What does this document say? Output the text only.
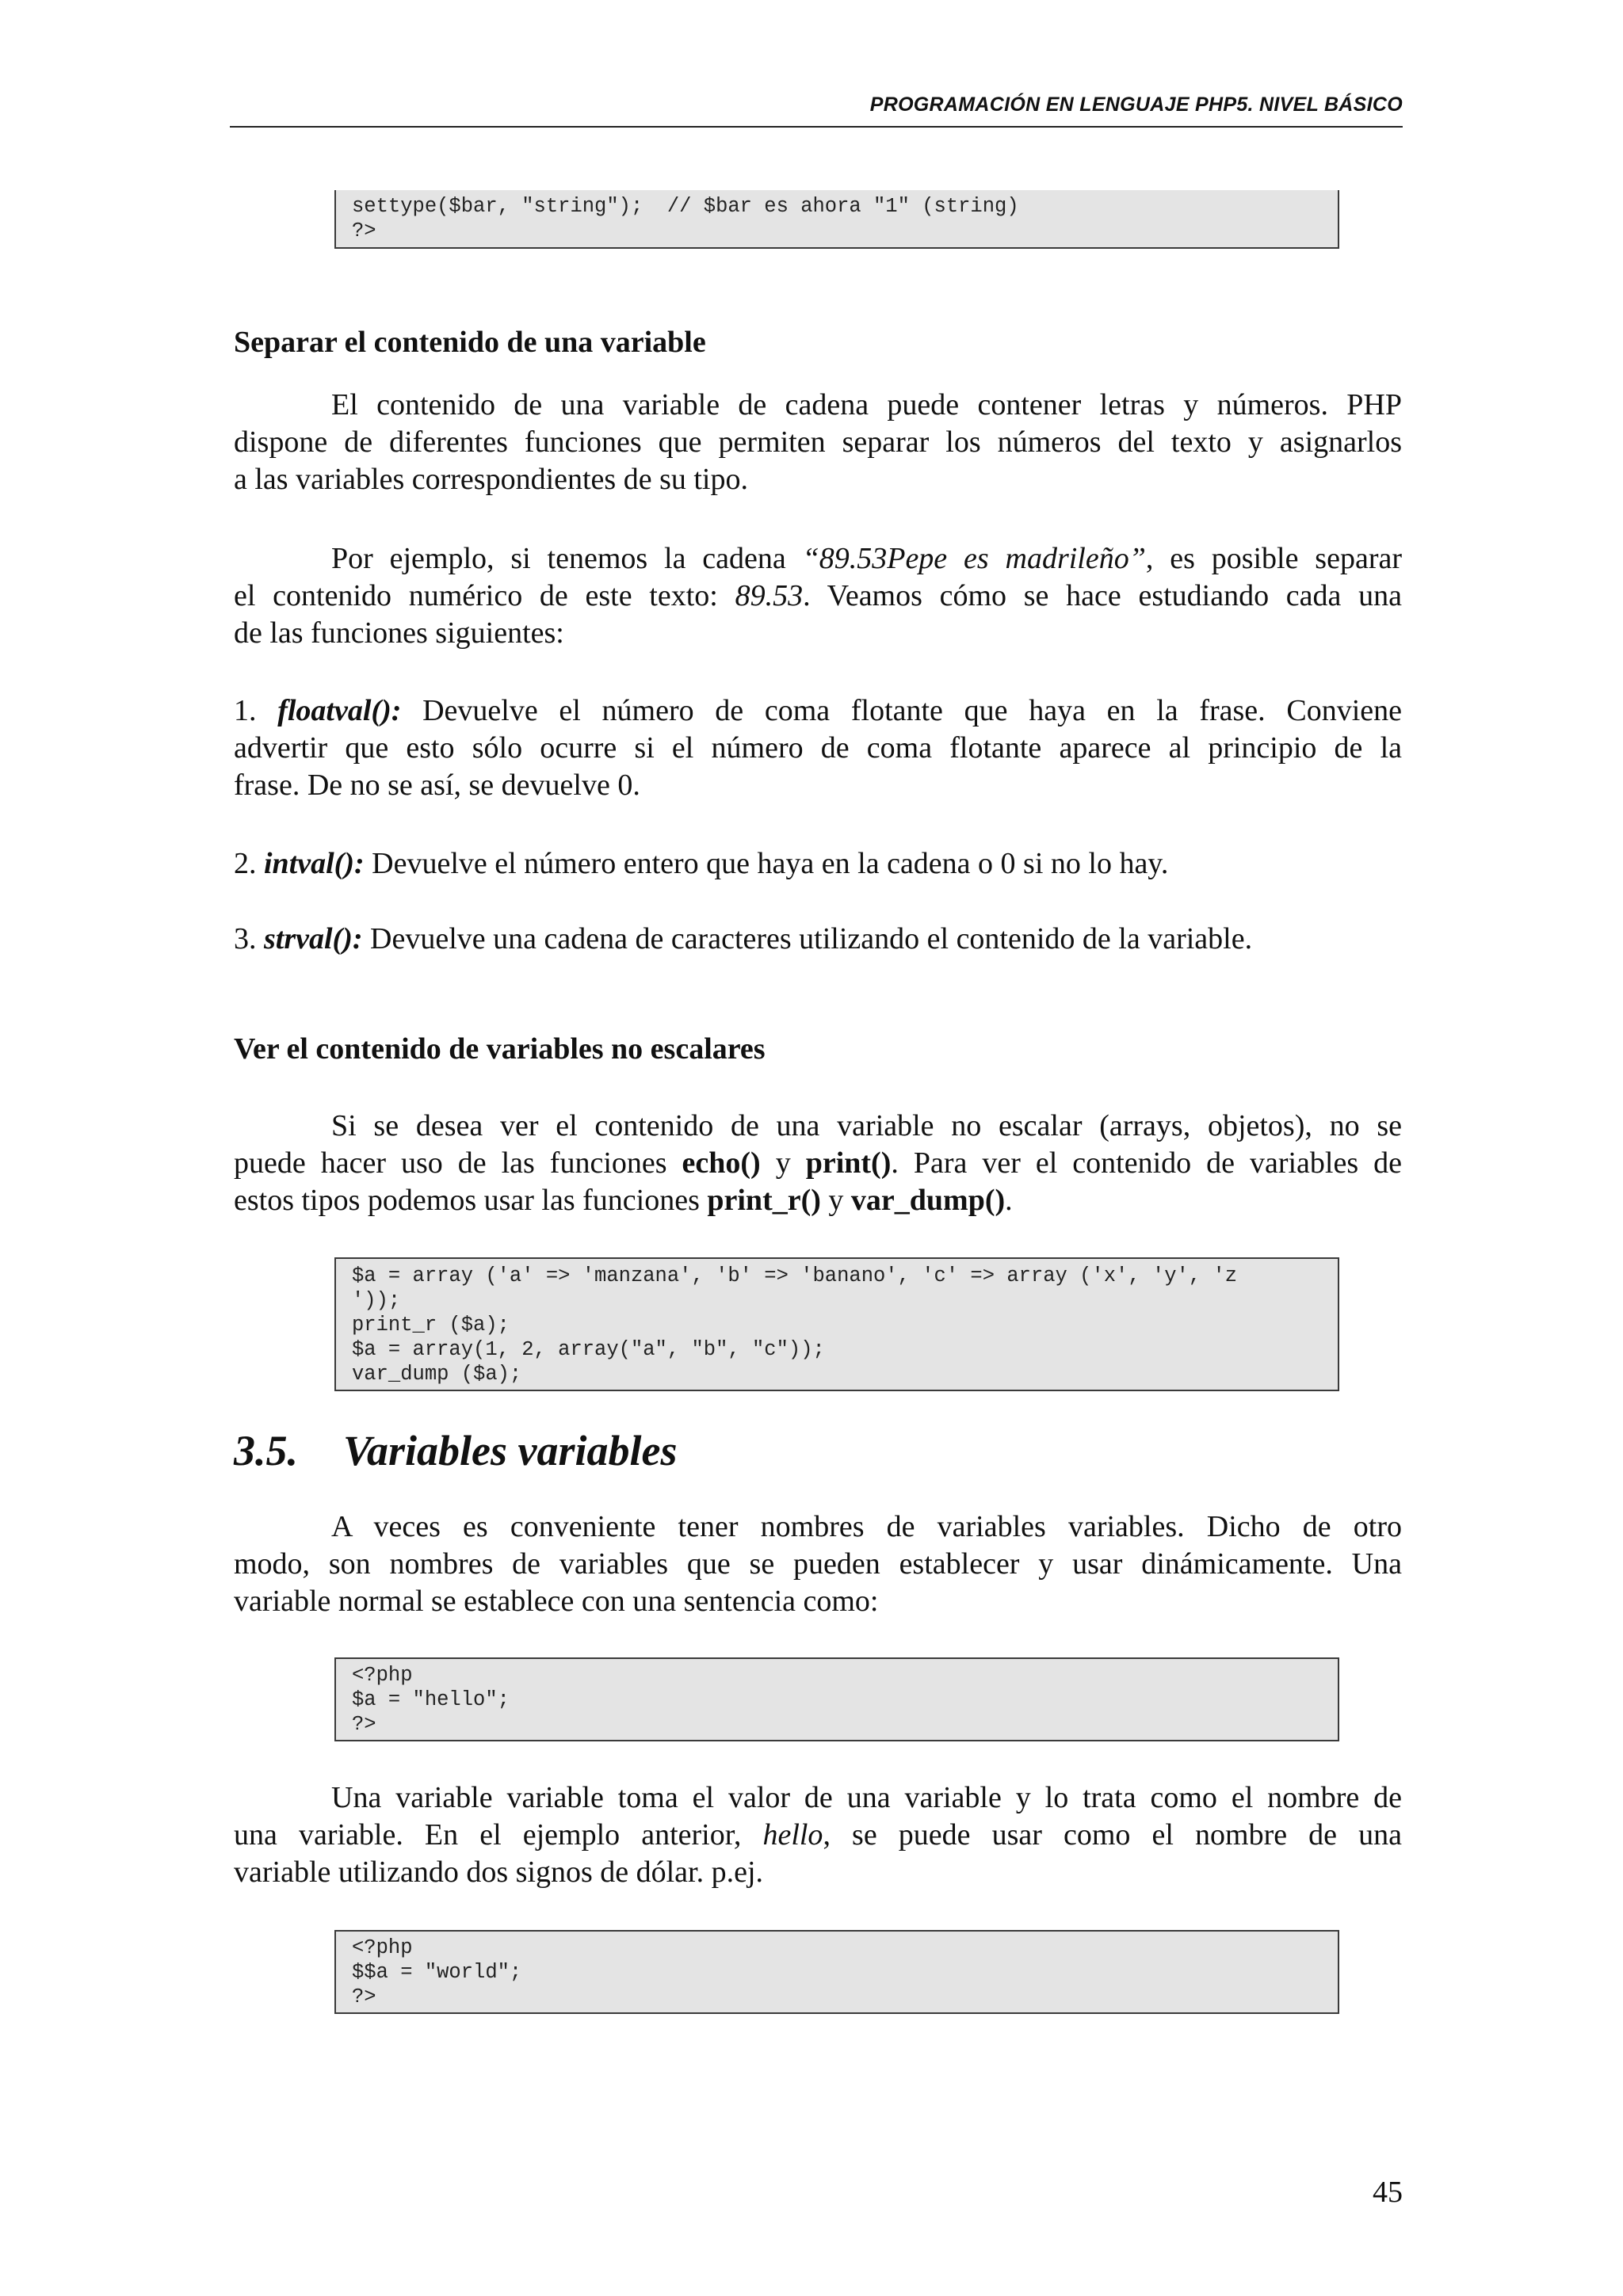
PROGRAMACIÓN EN LENGUAJE PHP5. NIVEL BÁSICO
settype($bar, "string");  // $bar es ahora "1" (string)
?>
Separar el contenido de una variable
El contenido de una variable de cadena puede contener letras y números. PHP
dispone de diferentes funciones que permiten separar los números del texto y asignarlos
a las variables correspondientes de su tipo.
Por ejemplo, si tenemos la cadena “89.53Pepe es madrileño”, es posible separar
el contenido numérico de este texto: 89.53. Veamos cómo se hace estudiando cada una
de las funciones siguientes:
1. floatval(): Devuelve el número de coma flotante que haya en la frase. Conviene
advertir que esto sólo ocurre si el número de coma flotante aparece al principio de la
frase. De no se así, se devuelve 0.
2. intval(): Devuelve el número entero que haya en la cadena o 0 si no lo hay.
3. strval(): Devuelve una cadena de caracteres utilizando el contenido de la variable.
Ver el contenido de variables no escalares
Si se desea ver el contenido de una variable no escalar (arrays, objetos), no se
puede hacer uso de las funciones echo() y print(). Para ver el contenido de variables de
estos tipos podemos usar las funciones print_r() y var_dump().
$a = array ('a' => 'manzana', 'b' => 'banano', 'c' => array ('x', 'y', 'z
'));
print_r ($a);
$a = array(1, 2, array("a", "b", "c"));
var_dump ($a);
3.5. Variables variables
A veces es conveniente tener nombres de variables variables. Dicho de otro
modo, son nombres de variables que se pueden establecer y usar dinámicamente. Una
variable normal se establece con una sentencia como:
<?php
$a = "hello";
?>
Una variable variable toma el valor de una variable y lo trata como el nombre de
una variable. En el ejemplo anterior, hello, se puede usar como el nombre de una
variable utilizando dos signos de dólar. p.ej.
<?php
$$a = "world";
?>
45
